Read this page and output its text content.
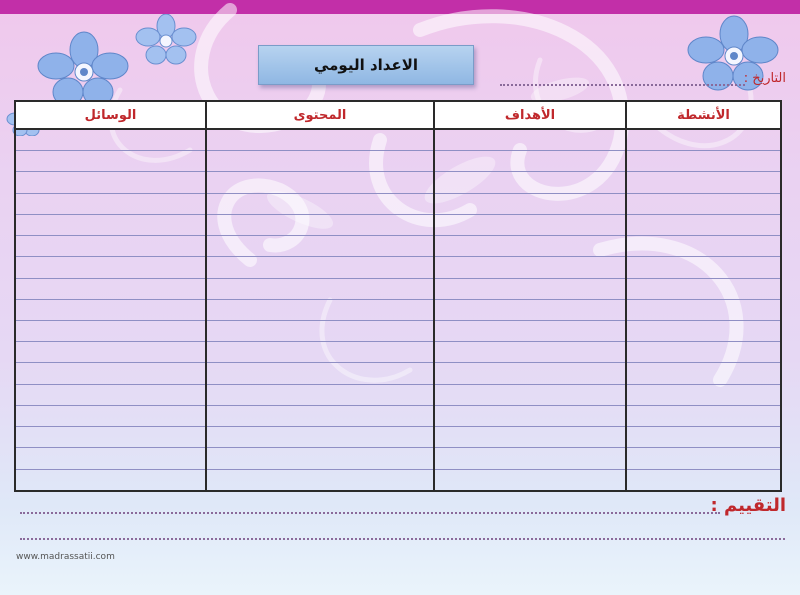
الاعداد اليومي
التاريخ :
الأنشطة	الأهداف	المحتوى	الوسائل

التقييم :
www.madrassatii.com
